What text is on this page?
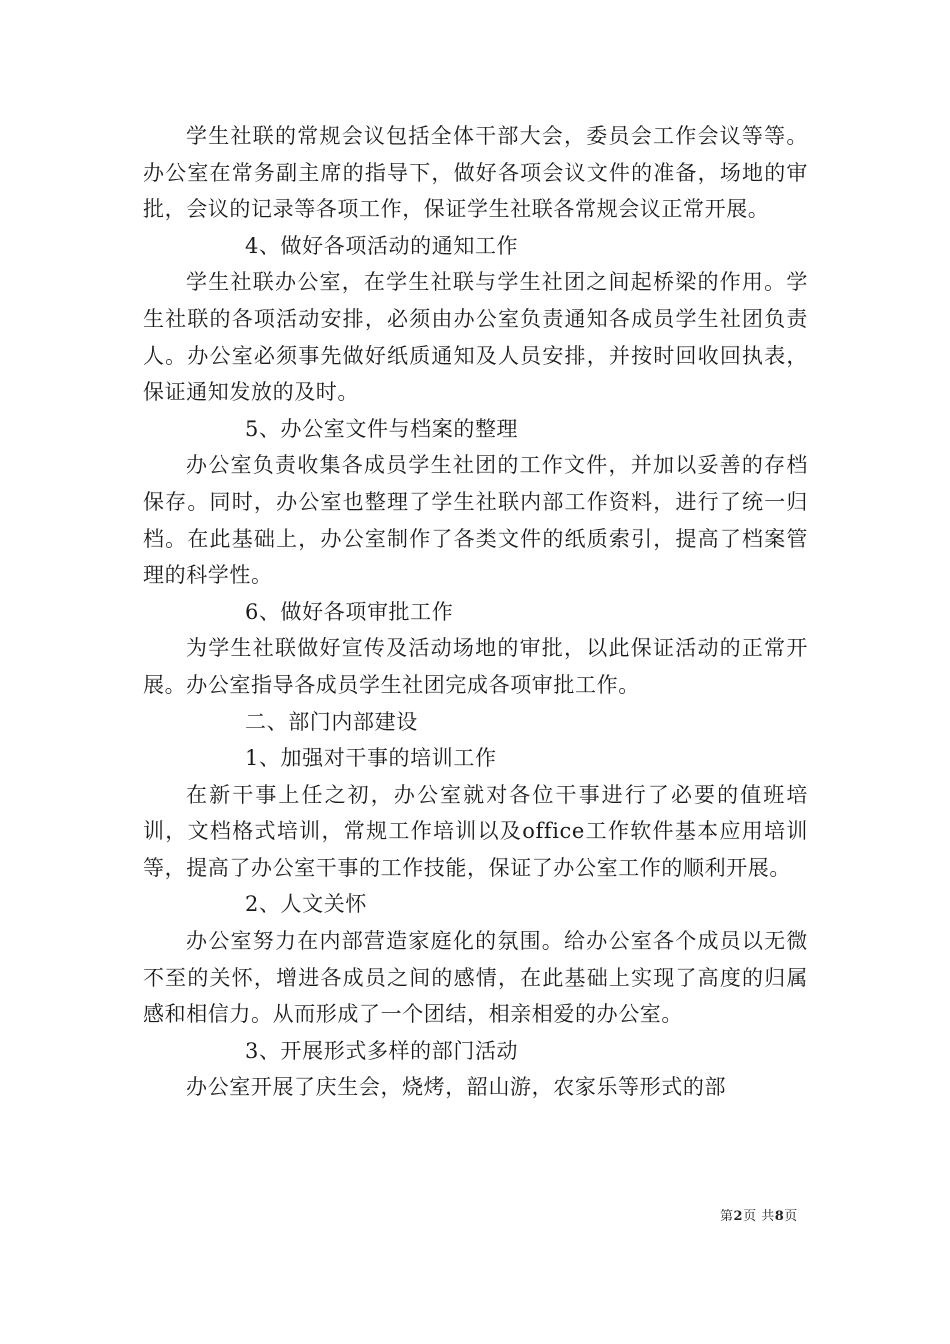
学生社联的常规会议包括全体干部大会，委员会工作会议等等。办公室在常务副主席的指导下，做好各项会议文件的准备，场地的审批，会议的记录等各项工作，保证学生社联各常规会议正常开展。

4、做好各项活动的通知工作

学生社联办公室，在学生社联与学生社团之间起桥梁的作用。学生社联的各项活动安排，必须由办公室负责通知各成员学生社团负责人。办公室必须事先做好纸质通知及人员安排，并按时回收回执表，保证通知发放的及时。

5、办公室文件与档案的整理

办公室负责收集各成员学生社团的工作文件，并加以妥善的存档保存。同时，办公室也整理了学生社联内部工作资料，进行了统一归档。在此基础上，办公室制作了各类文件的纸质索引，提高了档案管理的科学性。

6、做好各项审批工作

为学生社联做好宣传及活动场地的审批，以此保证活动的正常开展。办公室指导各成员学生社团完成各项审批工作。

二、部门内部建设

1、加强对干事的培训工作

在新干事上任之初，办公室就对各位干事进行了必要的值班培训，文档格式培训，常规工作培训以及office工作软件基本应用培训等，提高了办公室干事的工作技能，保证了办公室工作的顺利开展。

2、人文关怀

办公室努力在内部营造家庭化的氛围。给办公室各个成员以无微不至的关怀，增进各成员之间的感情，在此基础上实现了高度的归属感和相信力。从而形成了一个团结，相亲相爱的办公室。

3、开展形式多样的部门活动

办公室开展了庆生会，烧烤，韶山游，农家乐等形式的部

第2页 共8页
